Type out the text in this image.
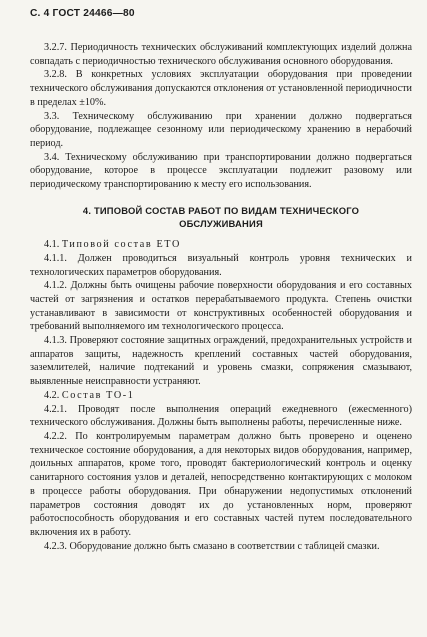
С. 4 ГОСТ 24466—80

3.2.7. Периодичность технических обслуживаний комплектующих изделий должна совпадать с периодичностью технического обслуживания основного оборудования.

3.2.8. В конкретных условиях эксплуатации оборудования при проведении технического обслуживания допускаются отклонения от установленной периодичности в пределах ±10%.

3.3. Техническому обслуживанию при хранении должно подвергаться оборудование, подлежащее сезонному или периодическому хранению в нерабочий период.

3.4. Техническому обслуживанию при транспортировании должно подвергаться оборудование, которое в процессе эксплуатации подлежит разовому или периодическому транспортированию к месту его использования.

4. ТИПОВОЙ СОСТАВ РАБОТ ПО ВИДАМ ТЕХНИЧЕСКОГО
ОБСЛУЖИВАНИЯ

4.1. Типовой состав ЕТО

4.1.1. Должен проводиться визуальный контроль уровня технических и технологических параметров оборудования.

4.1.2. Должны быть очищены рабочие поверхности оборудования и его составных частей от загрязнения и остатков перерабатываемого продукта. Степень очистки устанавливают в зависимости от конструктивных особенностей оборудования и требований выполняемого им технологического процесса.

4.1.3. Проверяют состояние защитных ограждений, предохранительных устройств и аппаратов защиты, надежность креплений составных частей оборудования, заземлителей, наличие подтеканий и уровень смазки, сопряжения смазывают, выявленные неисправности устраняют.

4.2. Состав ТО-1

4.2.1. Проводят после выполнения операций ежедневного (ежесменного) технического обслуживания. Должны быть выполнены работы, перечисленные ниже.

4.2.2. По контролируемым параметрам должно быть проверено и оценено техническое состояние оборудования, а для некоторых видов оборудования, например, доильных аппаратов, кроме того, проводят бактериологический контроль и оценку санитарного состояния узлов и деталей, непосредственно контактирующих с молоком в процессе работы оборудования. При обнаружении недопустимых отклонений параметров состояния доводят их до установленных норм, проверяют работоспособность оборудования и его составных частей путем последовательного включения их в работу.

4.2.3. Оборудование должно быть смазано в соответствии с таблицей смазки.
